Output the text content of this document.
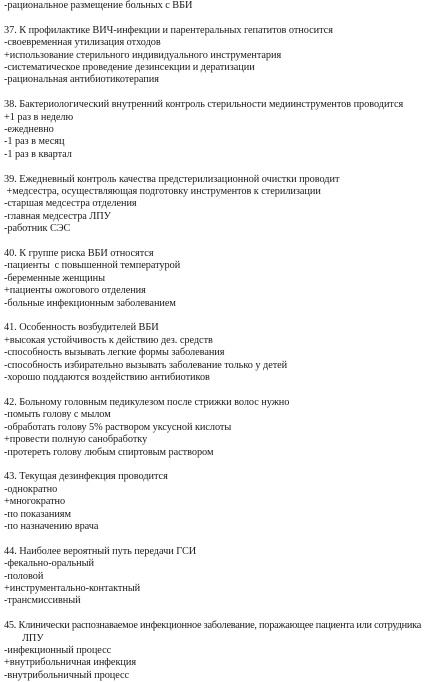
-рациональное размещение больных с ВБИ
37. К профилактике ВИЧ-инфекции и парентеральных гепатитов относится
-своевременная утилизация отходов
+использование стерильного индивидуального инструментария
-систематическое проведение дезинсекции и дератизации
-рациональная антибиотикотерапия
38. Бактериологический внутренний контроль стерильности медиинструментов проводится
+1 раз в неделю
-ежедневно
-1 раз в месяц
-1 раз в квартал
39. Ежедневный контроль качества предстерилизационной очистки проводит
+медсестра, осуществляющая подготовку инструментов к стерилизации
-старшая медсестра отделения
-главная медсестра ЛПУ
-работник СЭС
40. К группе риска ВБИ относятся
-пациенты  с повышенной температурой
-беременные женщины
+пациенты ожогового отделения
-больные инфекционным заболеванием
41. Особенность возбудителей ВБИ
+высокая устойчивость к действию дез. средств
-способность вызывать легкие формы заболевания
-способность избирательно вызывать заболевание только у детей
-хорошо поддаются воздействию антибиотиков
42. Больному головным педикулезом после стрижки волос нужно
-помыть голову с мылом
-обработать голову 5% раствором уксусной кислоты
+провести полную санобработку
-протереть голову любым спиртовым раствором
43. Текущая дезинфекция проводится
-однократно
+многократно
-по показаниям
-по назначению врача
44. Наиболее вероятный путь передачи ГСИ
-фекально-оральный
-половой
+инструментально-контактный
-трансмиссивный
45. Клинически распознаваемое инфекционное заболевание, поражающее пациента или сотрудника
ЛПУ
-инфекционный процесс
+внутрибольничная инфекция
-внутрибольничный процесс
